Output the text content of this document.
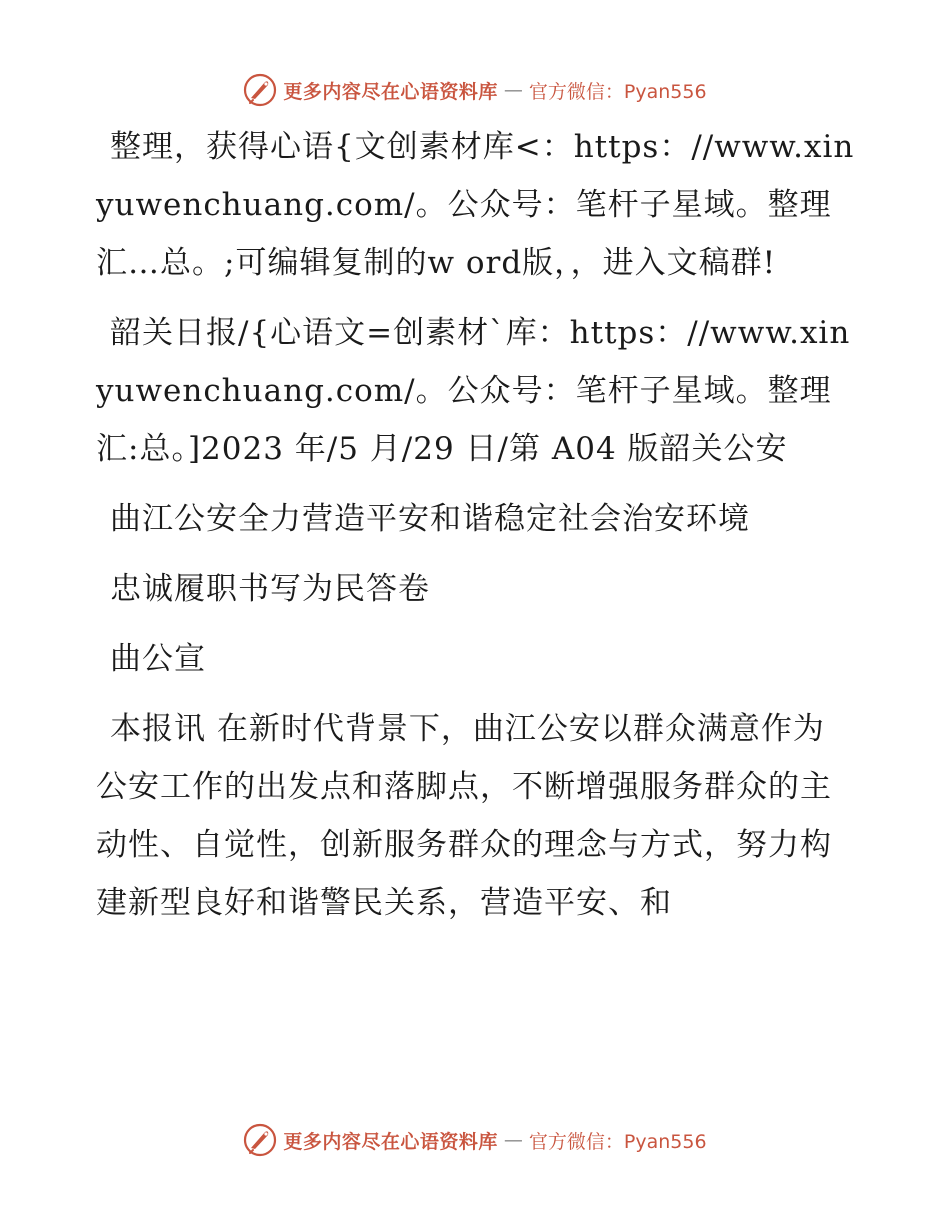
更多内容尽在心语资料库 — 官方微信：Pyan556

整理，获得心语{文创素材库<：https：//www.xinyuwenchuang.com/。公众号：笔杆子星域。整理汇…总。;可编辑复制的w ord版，，进入文稿群!

韶关日报/{心语文=创素材`库：https：//www.xinyuwenchuang.com/。公众号：笔杆子星域。整理汇:总。]2023 年/5 月/29 日/第 A04 版韶关公安

曲江公安全力营造平安和谐稳定社会治安环境

忠诚履职书写为民答卷

曲公宣

本报讯 在新时代背景下，曲江公安以群众满意作为公安工作的出发点和落脚点，不断增强服务群众的主动性、自觉性，创新服务群众的理念与方式，努力构建新型良好和谐警民关系，营造平安、和

更多内容尽在心语资料库 — 官方微信：Pyan556
